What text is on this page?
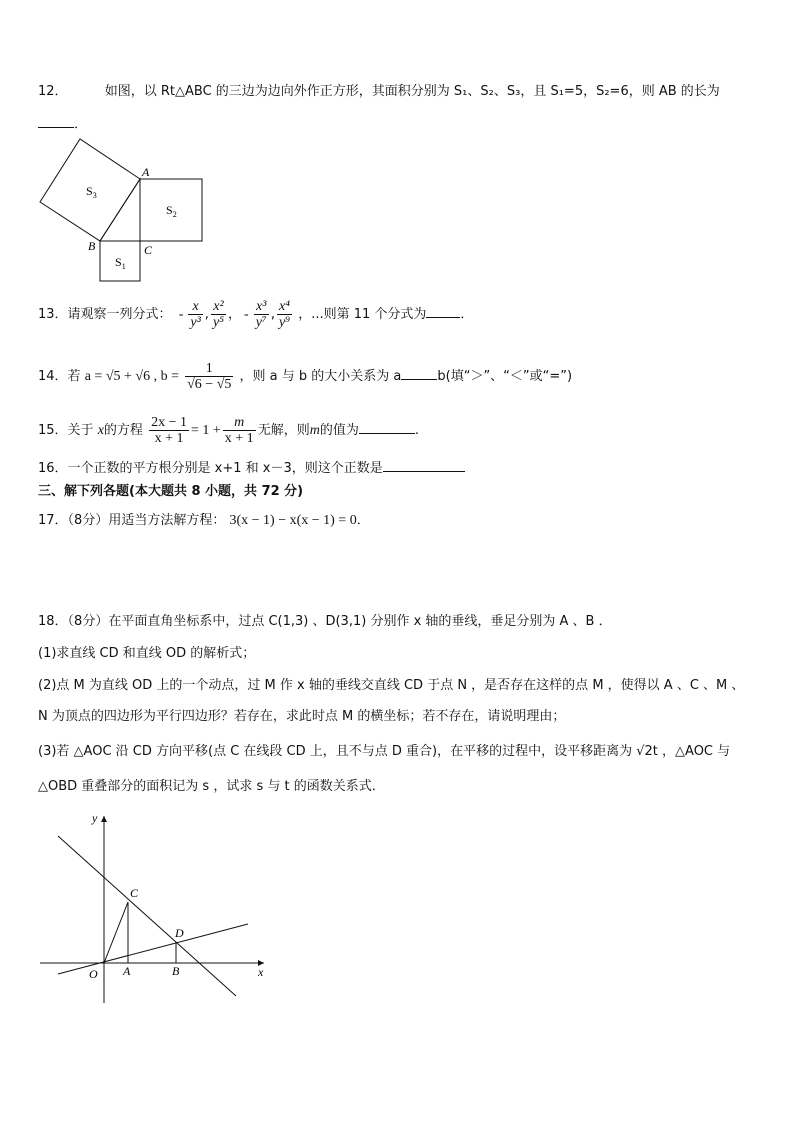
12．	如图，以 Rt△ABC 的三边为边向外作正方形，其面积分别为 S₁、S₂、S₃，且 S₁=5，S₂=6，则 AB 的长为
．
$S_3$
$S_2$
$S_1$
A
B	C
13．请观察一列分式： - $\frac{x}{\text{y³}}$ , $\frac{\text{x²}}{\text{y⁵}}$ ， - $\frac{\text{x³}}{\text{y⁷}}$ , $\frac{\text{x⁴}}{\text{y⁹}}$ ，...则第 11 个分式为	．
14．若 a = √5 + √6 , $b = \frac{1}{√6 - √5}$ ，则 a 与 b 的大小关系为 a	b(填“＞”、“＜”或“=”)
15．关于 x的方程 $\frac{2x - 1}{x + 1} = 1 + \frac{m}{x + 1}$ 无解，则m的值为	.
16．一个正数的平方根分别是 x+1 和 x－3，则这个正数是
三、解下列各题(本大题共 8 小题，共 72 分)
17．（8分）用适当方法解方程： 3(x − 1) − x(x − 1) = 0．
18．（8分）在平面直角坐标系中，过点 C(1,3) 、D(3,1) 分别作 x 轴的垂线，垂足分别为 A 、B ．
(1)求直线 CD 和直线 OD 的解析式；
(2)点 M 为直线 OD 上的一个动点，过 M 作 x 轴的垂线交直线 CD 于点 N ，是否存在这样的点 M ，使得以 A 、C 、M 、
N 为顶点的四边形为平行四边形？若存在，求此时点 M 的横坐标；若不存在，请说明理由；
(3)若 △AOC 沿 CD 方向平移(点 C 在线段 CD 上，且不与点 D 重合)，在平移的过程中，设平移距离为 √2t ，△AOC 与
△OBD 重叠部分的面积记为 s ，试求 s 与 t 的函数关系式．
y
x
O A	B
C
D
